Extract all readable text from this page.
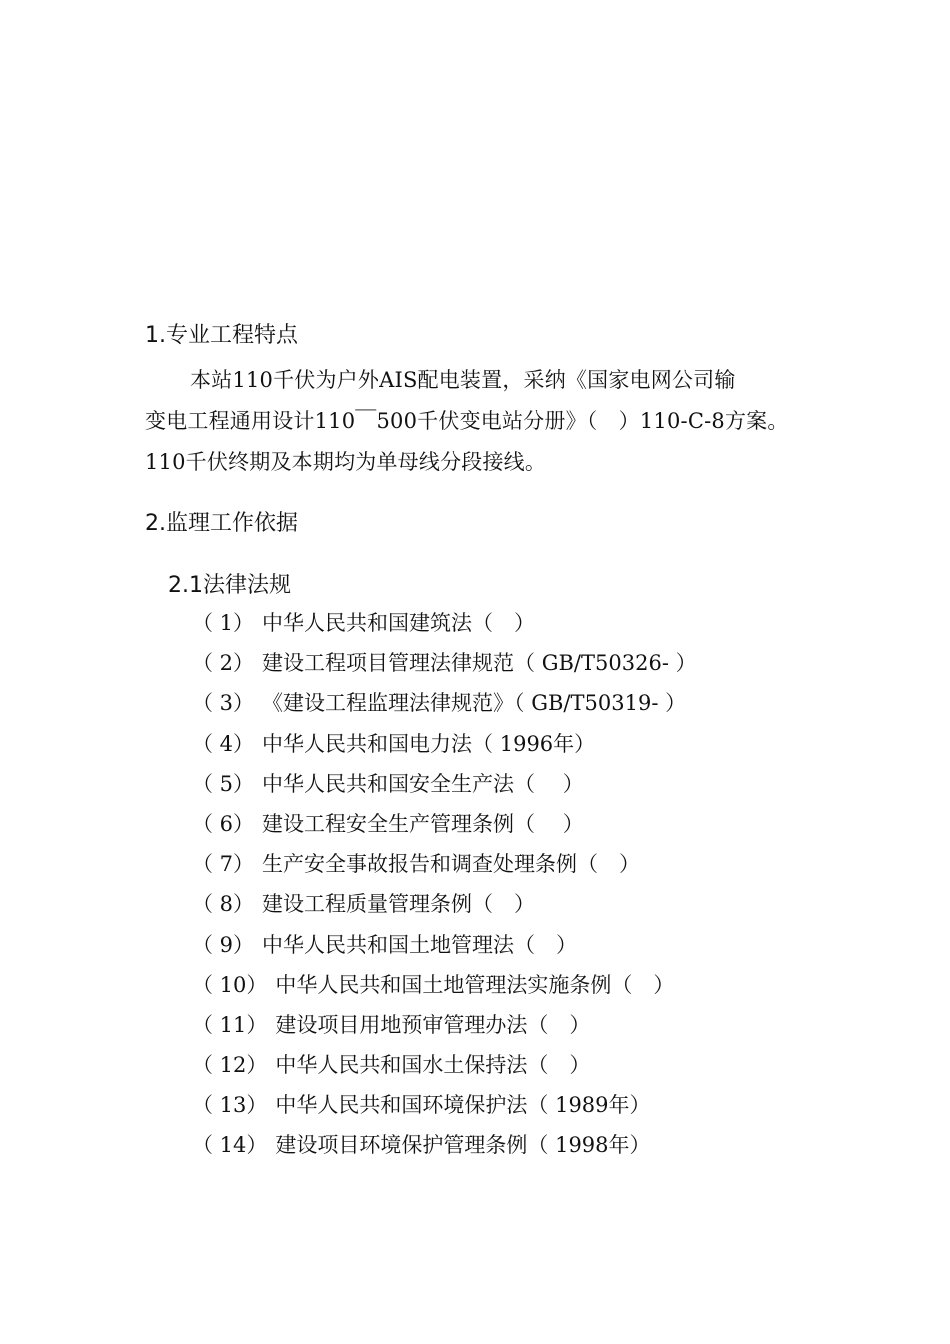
1.专业工程特点
本站110千伏为户外AIS配电装置，采纳《国家电网公司输
变电工程通用设计110￣500千伏变电站分册》（　）110-C-8方案。
110千伏终期及本期均为单母线分段接线。
2.监理工作依据
2.1法律法规
（ 1） 中华人民共和国建筑法（　）
（ 2） 建设工程项目管理法律规范（ GB/T50326- ）
（ 3） 《建设工程监理法律规范》（ GB/T50319- ）
（ 4） 中华人民共和国电力法（ 1996年）
（ 5） 中华人民共和国安全生产法（　 ）
（ 6） 建设工程安全生产管理条例（　 ）
（ 7） 生产安全事故报告和调查处理条例（　）
（ 8） 建设工程质量管理条例（　）
（ 9） 中华人民共和国土地管理法（　）
（ 10） 中华人民共和国土地管理法实施条例（　）
（ 11） 建设项目用地预审管理办法（　）
（ 12） 中华人民共和国水土保持法（　）
（ 13） 中华人民共和国环境保护法（ 1989年）
（ 14） 建设项目环境保护管理条例（ 1998年）
